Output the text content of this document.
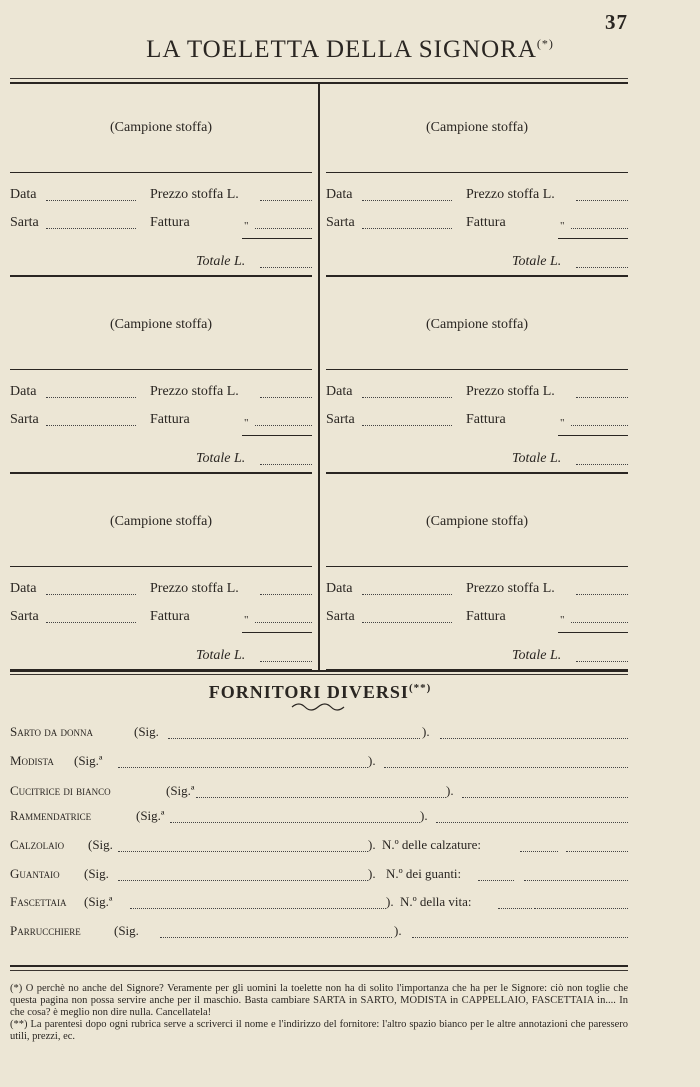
37
LA TOELETTA DELLA SIGNORA(*)
(Campione stoffa)
Data	Prezzo stoffa L.
Sarta	Fattura	"
Totale L.
(Campione stoffa)
Data	Prezzo stoffa L.
Sarta	Fattura	"
Totale L.
(Campione stoffa)
Data	Prezzo stoffa L.
Sarta	Fattura	"
Totale L.
(Campione stoffa)
Data	Prezzo stoffa L.
Sarta	Fattura	"
Totale L.
(Campione stoffa)
Data	Prezzo stoffa L.
Sarta	Fattura	"
Totale L.
(Campione stoffa)
Data	Prezzo stoffa L.
Sarta	Fattura	"
Totale L.
FORNITORI DIVERSI(**)
Sarto da donna	(Sig.	).
Modista (Sig.ª	).
Cucitrice di bianco	(Sig.ª	).
Rammendatrice	(Sig.ª	).
Calzolaio (Sig.	). N.º delle calzature:
Guantaio (Sig.	). N.º dei guanti:
Fascettaia (Sig.ª	). N.º della vita:
Parrucchiere	(Sig.	).

(*) O perchè no anche del Signore? Veramente per gli uomini la toelette non ha di solito l'importanza che ha per le Signore: ciò non toglie che questa pagina non possa servire anche per il maschio. Basta cambiare SARTA in SARTO, MODISTA in CAPPELLAIO, FASCETTAIA in.... In che cosa? è meglio non dire nulla. Cancellatela!

(**) La parentesi dopo ogni rubrica serve a scriverci il nome e l'indirizzo del fornitore: l'altro spazio bianco per le altre annotazioni che paressero utili, prezzi, ec.
